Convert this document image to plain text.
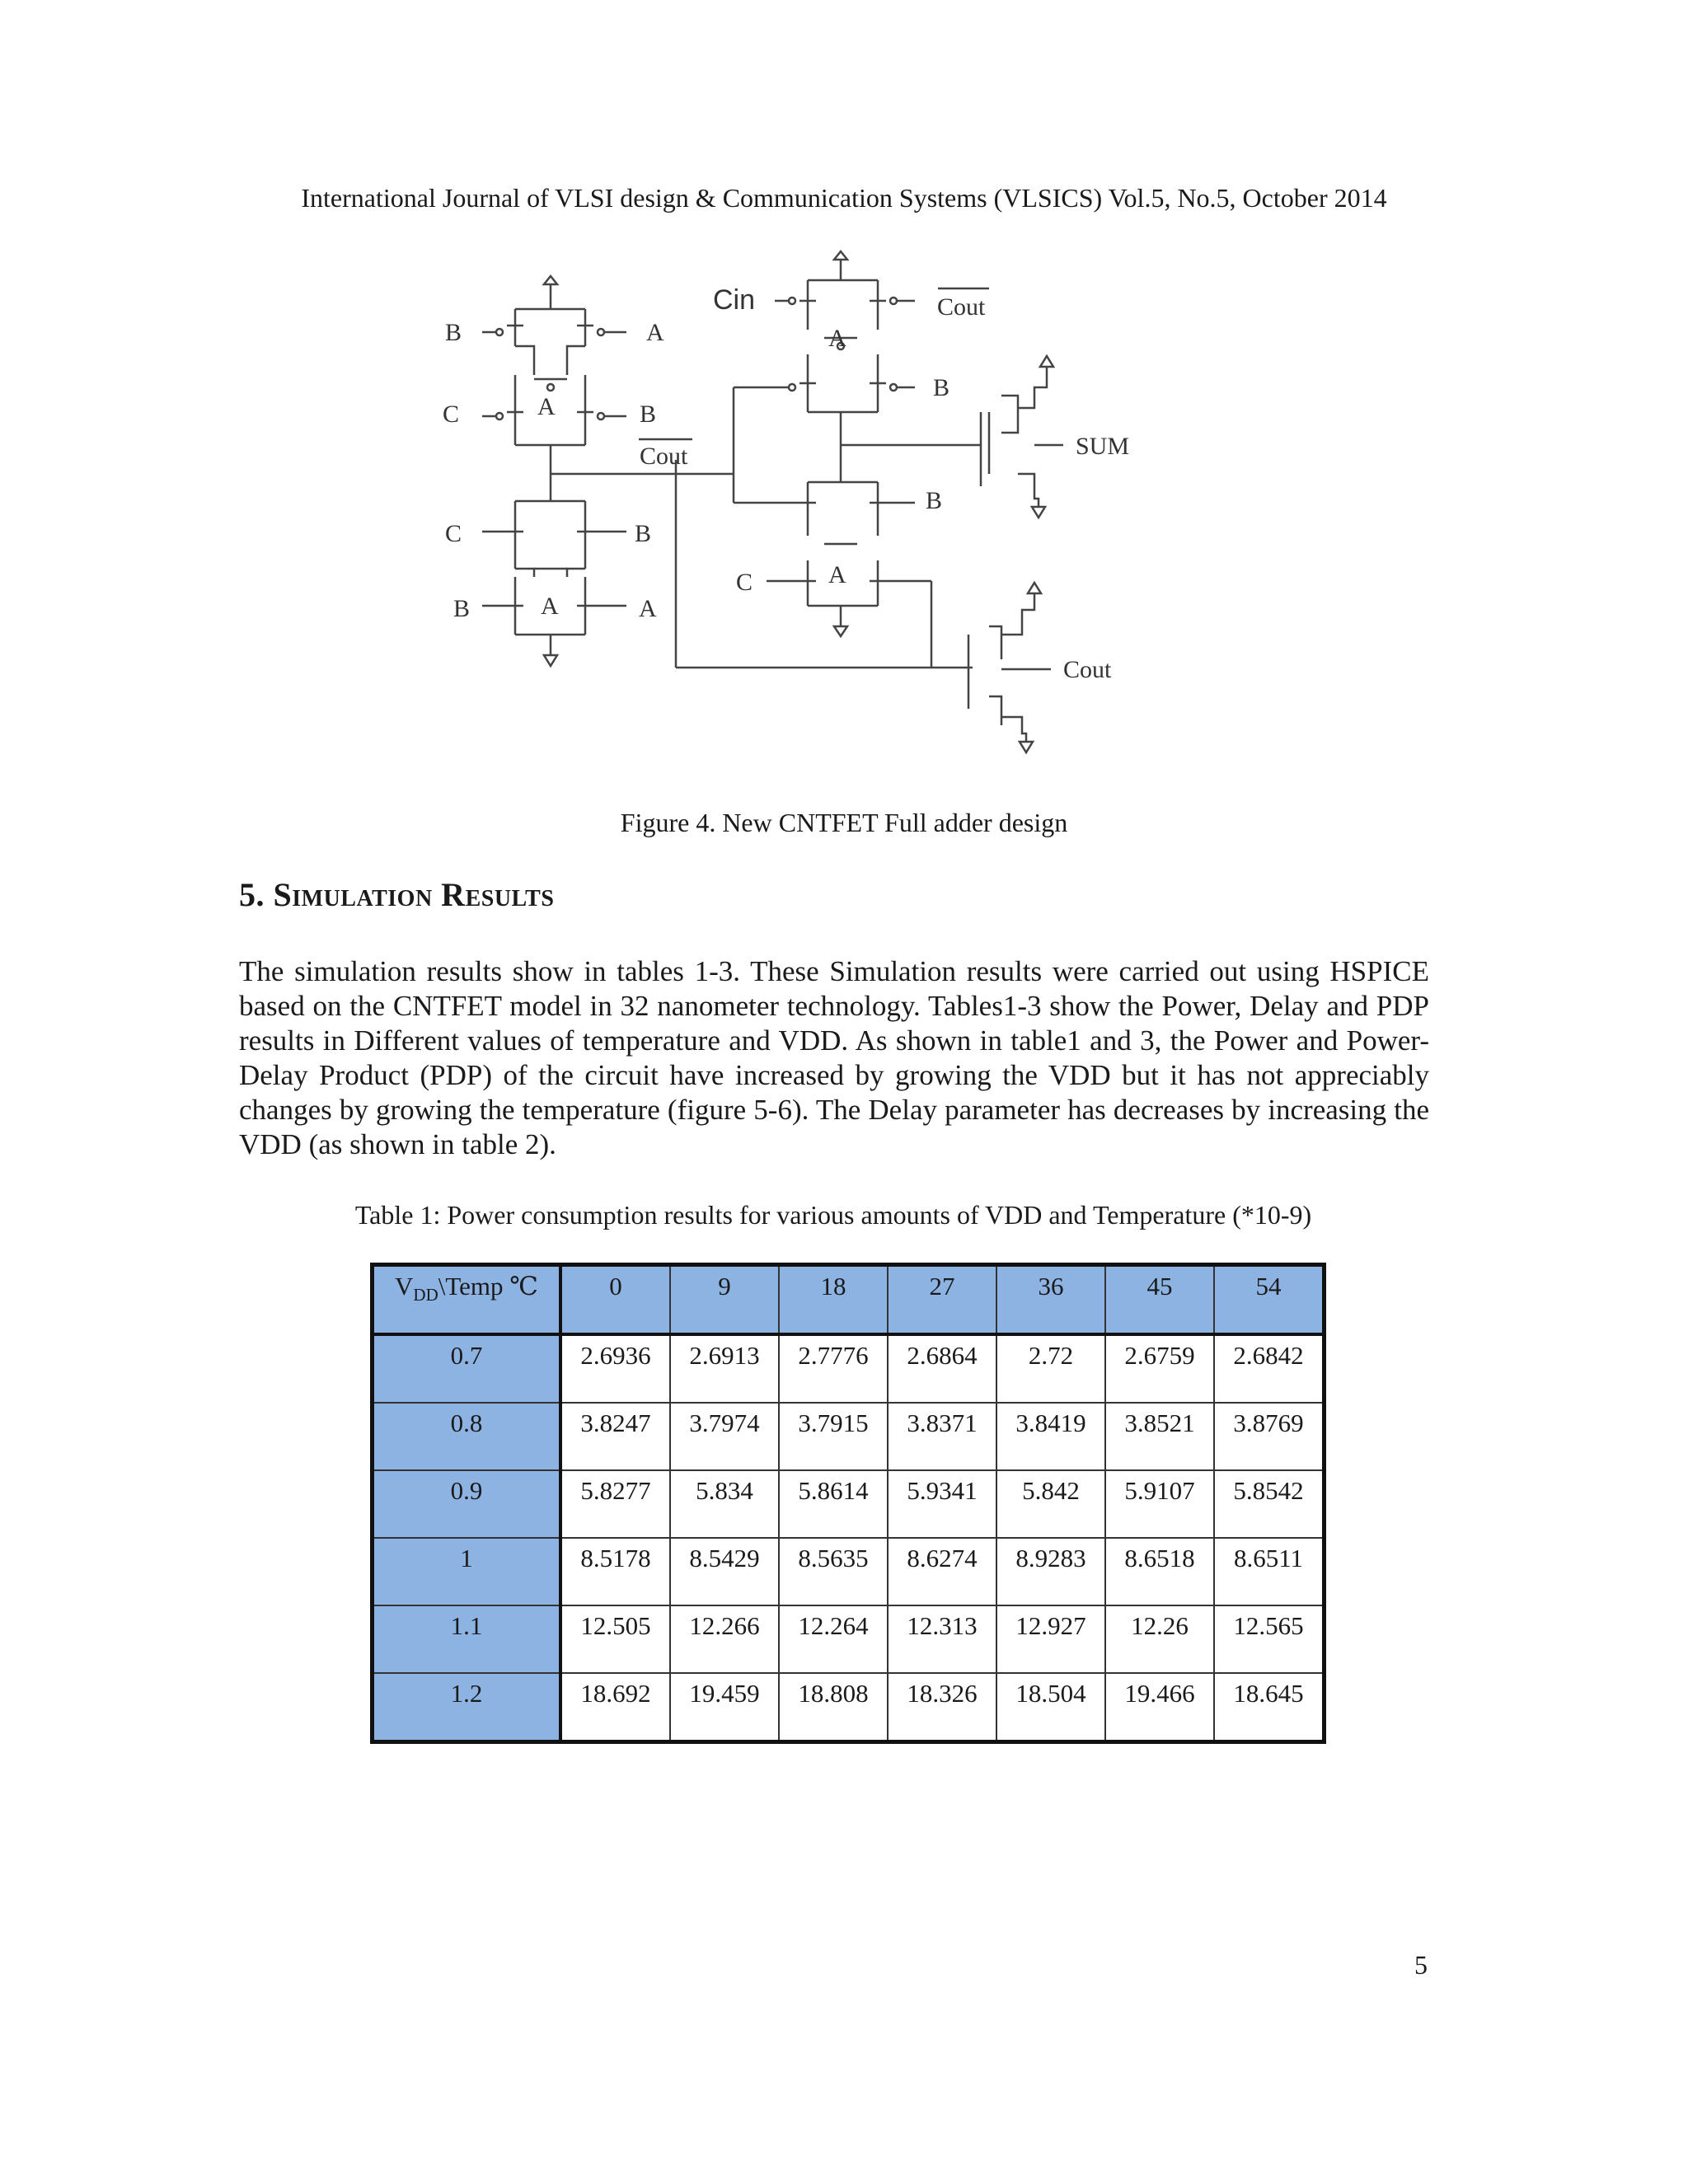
International Journal of VLSI design & Communication Systems (VLSICS) Vol.5, No.5, October 2014
B	A
C	A	B
Cout
C	B
B	A	A
A
B
B
C	A
Cout
SUM
Cout
Cin
Figure 4. New CNTFET Full adder design
5. Simulation Results
The simulation results show in tables 1-3. These Simulation results were carried out using HSPICE based on the CNTFET model in 32 nanometer technology. Tables1-3 show the Power, Delay and PDP results in Different values of temperature and VDD. As shown in table1 and 3, the Power and Power-Delay Product (PDP) of the circuit have increased by growing the VDD but it has not appreciably changes by growing the temperature (figure 5-6). The Delay parameter has decreases by increasing the VDD (as shown in table 2).
Table 1: Power consumption results for various amounts of VDD and Temperature (*10-9)
$V_{DD}\backslash Temp$ ℃	0	9	18	27	36	45	54
0.7	2.6936	2.6913	2.7776	2.6864	2.72	2.6759	2.6842
0.8	3.8247	3.7974	3.7915	3.8371	3.8419	3.8521	3.8769
0.9	5.8277	5.834	5.8614	5.9341	5.842	5.9107	5.8542
1	8.5178	8.5429	8.5635	8.6274	8.9283	8.6518	8.6511
1.1	12.505	12.266	12.264	12.313	12.927	12.26	12.565
1.2	18.692	19.459	18.808	18.326	18.504	19.466	18.645
5
